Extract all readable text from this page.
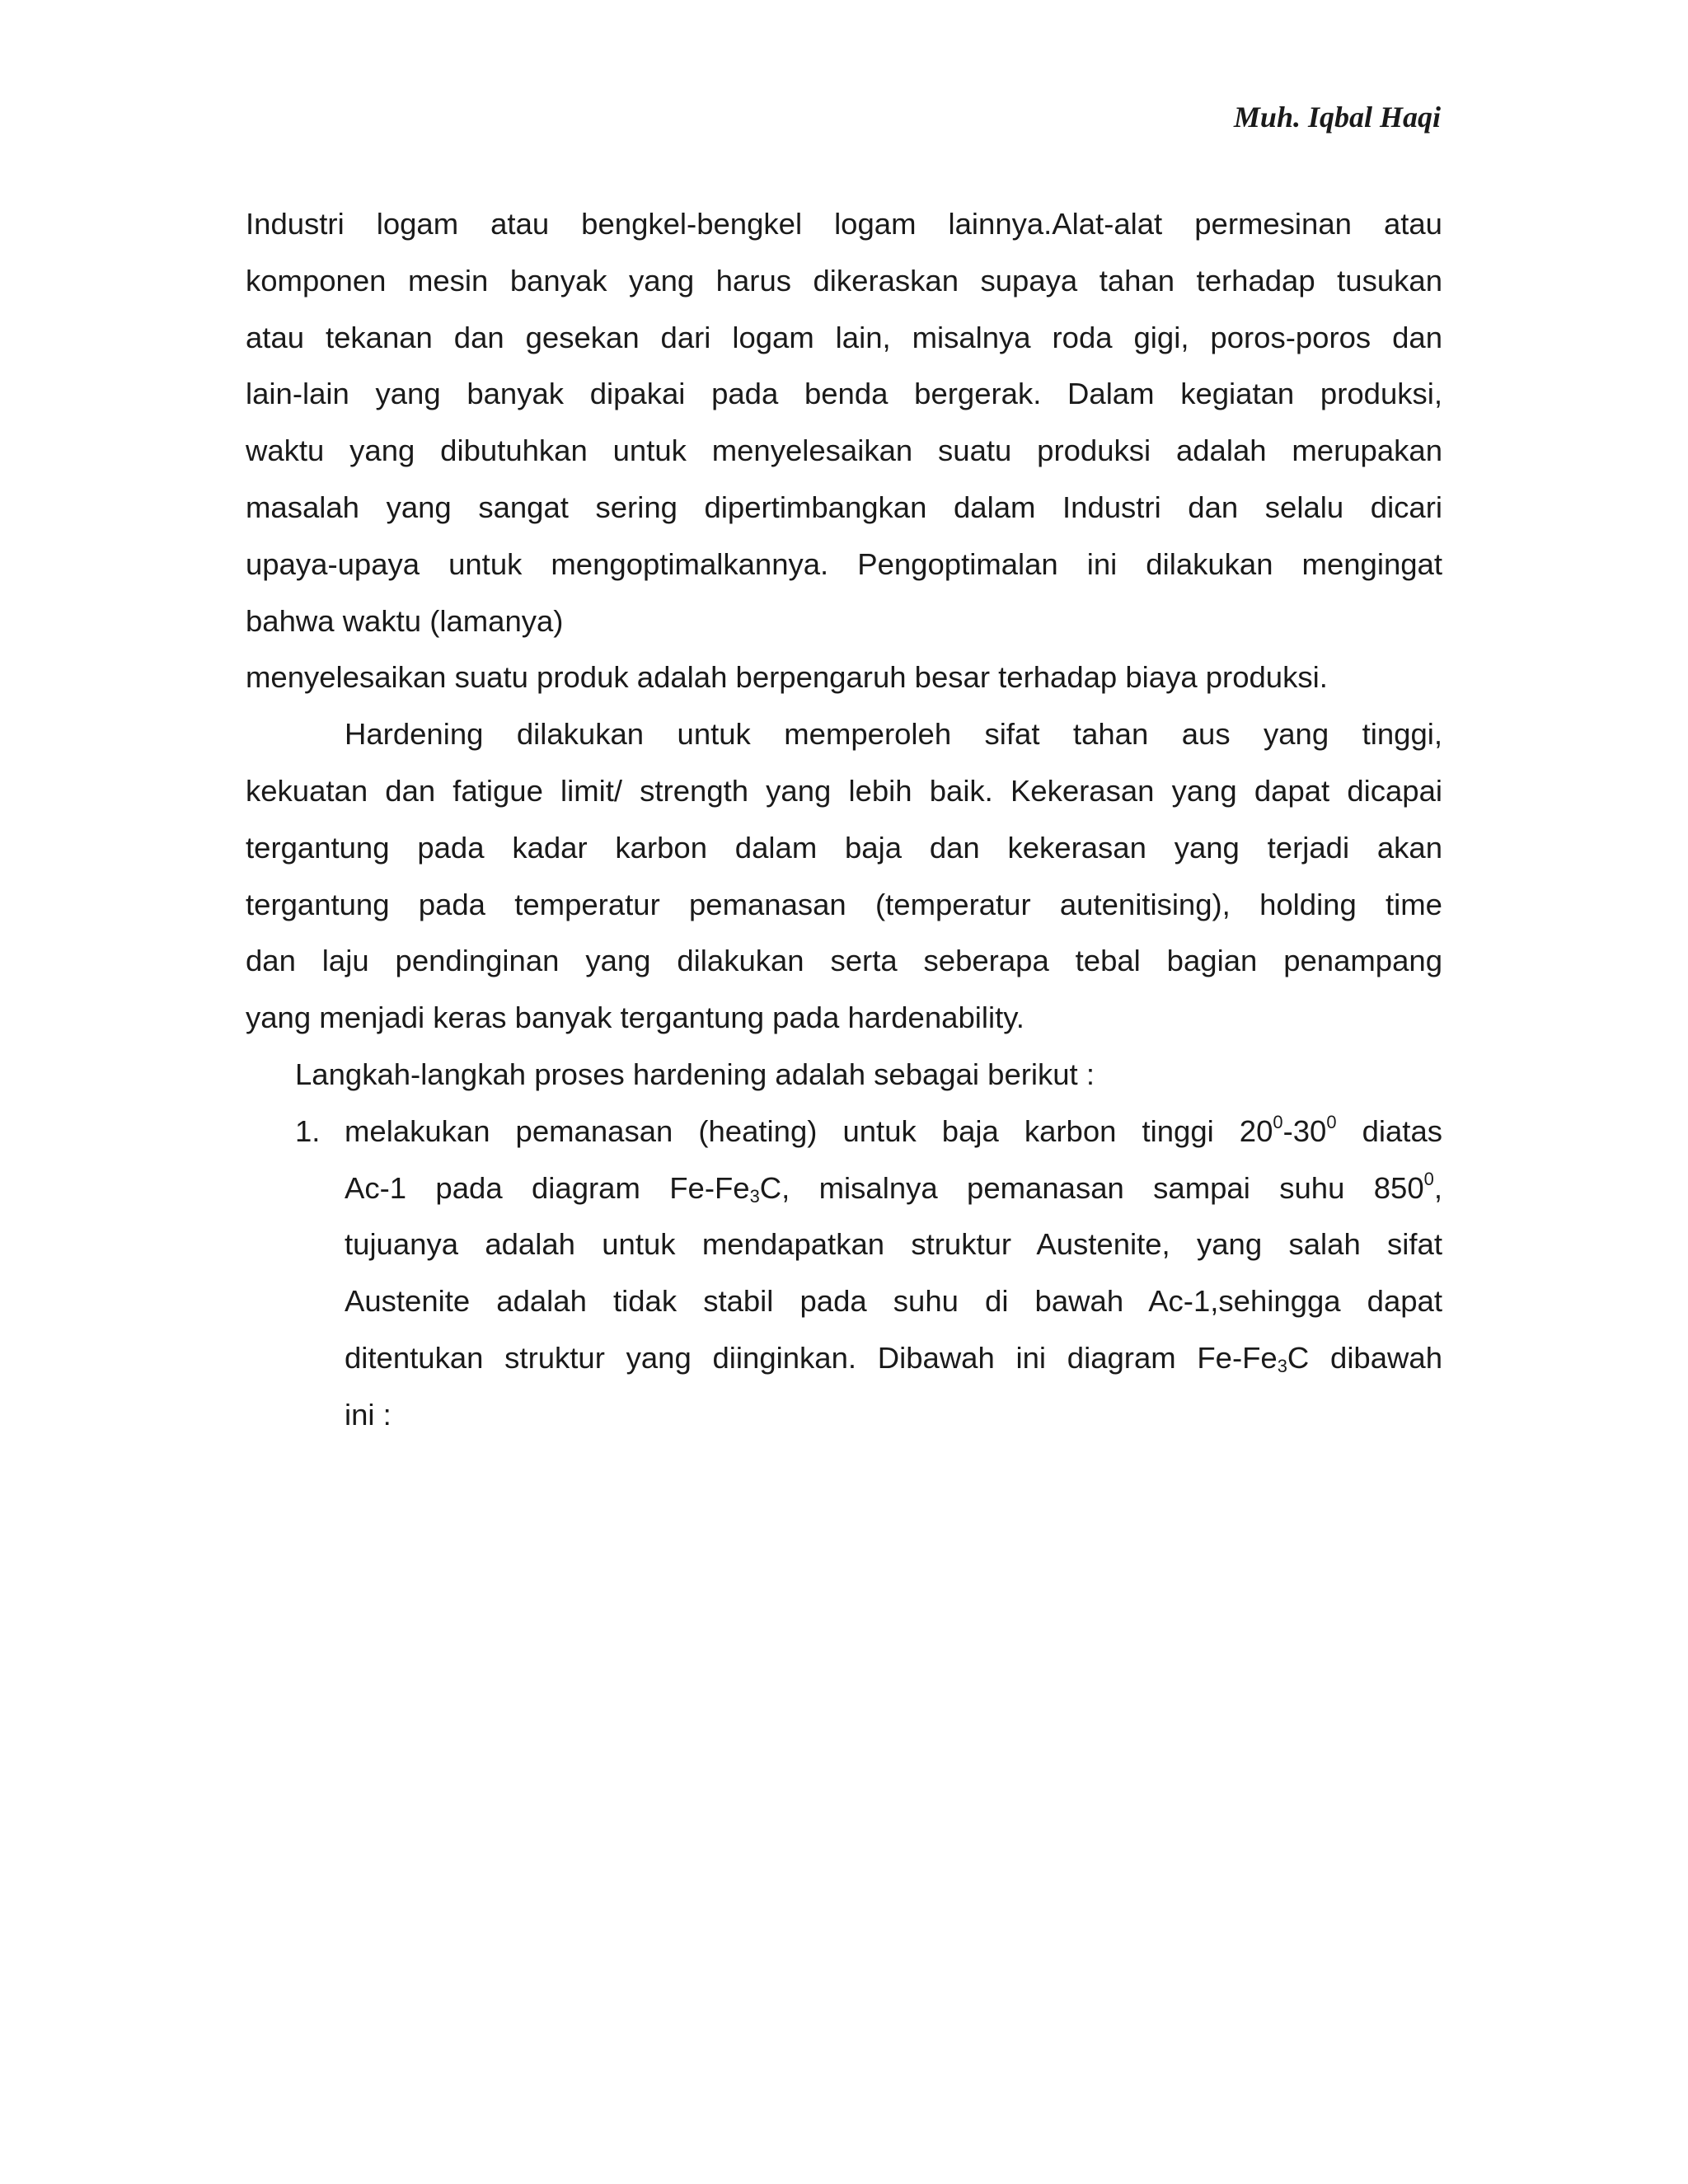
Muh. Iqbal Haqi

Industri logam atau bengkel-bengkel logam lainnya.Alat-alat permesinan atau

komponen mesin banyak yang harus dikeraskan supaya tahan terhadap tusukan

atau tekanan dan gesekan dari logam lain, misalnya roda gigi, poros-poros dan

lain-lain yang banyak dipakai pada benda bergerak. Dalam kegiatan produksi,

waktu yang dibutuhkan untuk menyelesaikan suatu produksi adalah merupakan

masalah yang sangat sering dipertimbangkan dalam Industri dan selalu dicari

upaya-upaya untuk mengoptimalkannya. Pengoptimalan ini dilakukan mengingat

bahwa waktu (lamanya)

menyelesaikan suatu produk adalah berpengaruh besar terhadap biaya produksi.

Hardening dilakukan untuk memperoleh sifat tahan aus yang tinggi,

kekuatan dan fatigue limit/ strength yang lebih baik. Kekerasan yang dapat dicapai

tergantung pada kadar karbon dalam baja dan kekerasan yang terjadi akan

tergantung pada temperatur pemanasan (temperatur autenitising), holding time

dan laju pendinginan yang dilakukan serta seberapa tebal bagian penampang

yang menjadi keras banyak tergantung pada hardenability.

Langkah-langkah proses hardening adalah sebagai berikut :

1. melakukan pemanasan (heating) untuk baja karbon tinggi $20^0-30^0$ diatas

Ac-1 pada diagram $Fe-Fe_3C$, misalnya pemanasan sampai suhu $850^0$,

tujuanya adalah untuk mendapatkan struktur Austenite, yang salah sifat

Austenite adalah tidak stabil pada suhu di bawah Ac-1,sehingga dapat

ditentukan struktur yang diinginkan. Dibawah ini diagram $Fe-Fe_3C$ dibawah

ini :
